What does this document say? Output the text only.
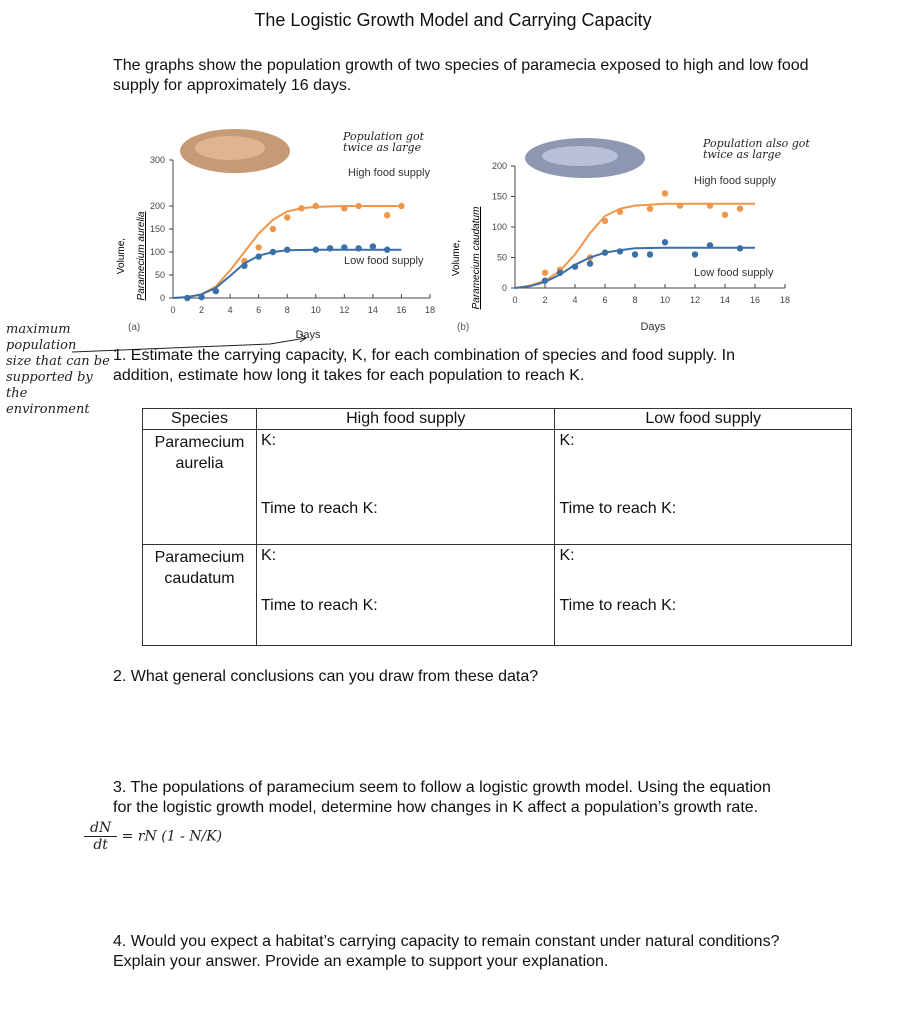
The Logistic Growth Model and Carrying Capacity
The graphs show the population growth of two species of paramecia exposed to high and low food supply for approximately 16 days.
0	2	4	6	8 10 12 14 16 18
0
50
100
150
200
300
Volume, Paramecium aurelia
High food supply
Low food supply
(a)
Days
Population got
twice as large
0	2	4	6	8 10 12 14 16 18
0
50
100
150
200
Volume, Paramecium caudatum
High food supply
Low food supply
(b)	Days
Population also got
twice as large
maximum
population
size that can be
supported by the
environment
1. Estimate the carrying capacity, K, for each combination of species and food supply. In
addition, estimate how long it takes for each population to reach K.
Species	High food supply	Low food supply

Paramecium
aurelia	K:	K:
	Time to reach K:	Time to reach K:

Paramecium
caudatum	K:	K:
	Time to reach K:	Time to reach K:
2. What general conclusions can you draw from these data?
3. The populations of paramecium seem to follow a logistic growth model. Using the equation
for the logistic growth model, determine how changes in K affect a population’s growth rate.
$\frac{dN}{dt}$ = rN (1 - N/K)
4. Would you expect a habitat’s carrying capacity to remain constant under natural conditions?
Explain your answer. Provide an example to support your explanation.
